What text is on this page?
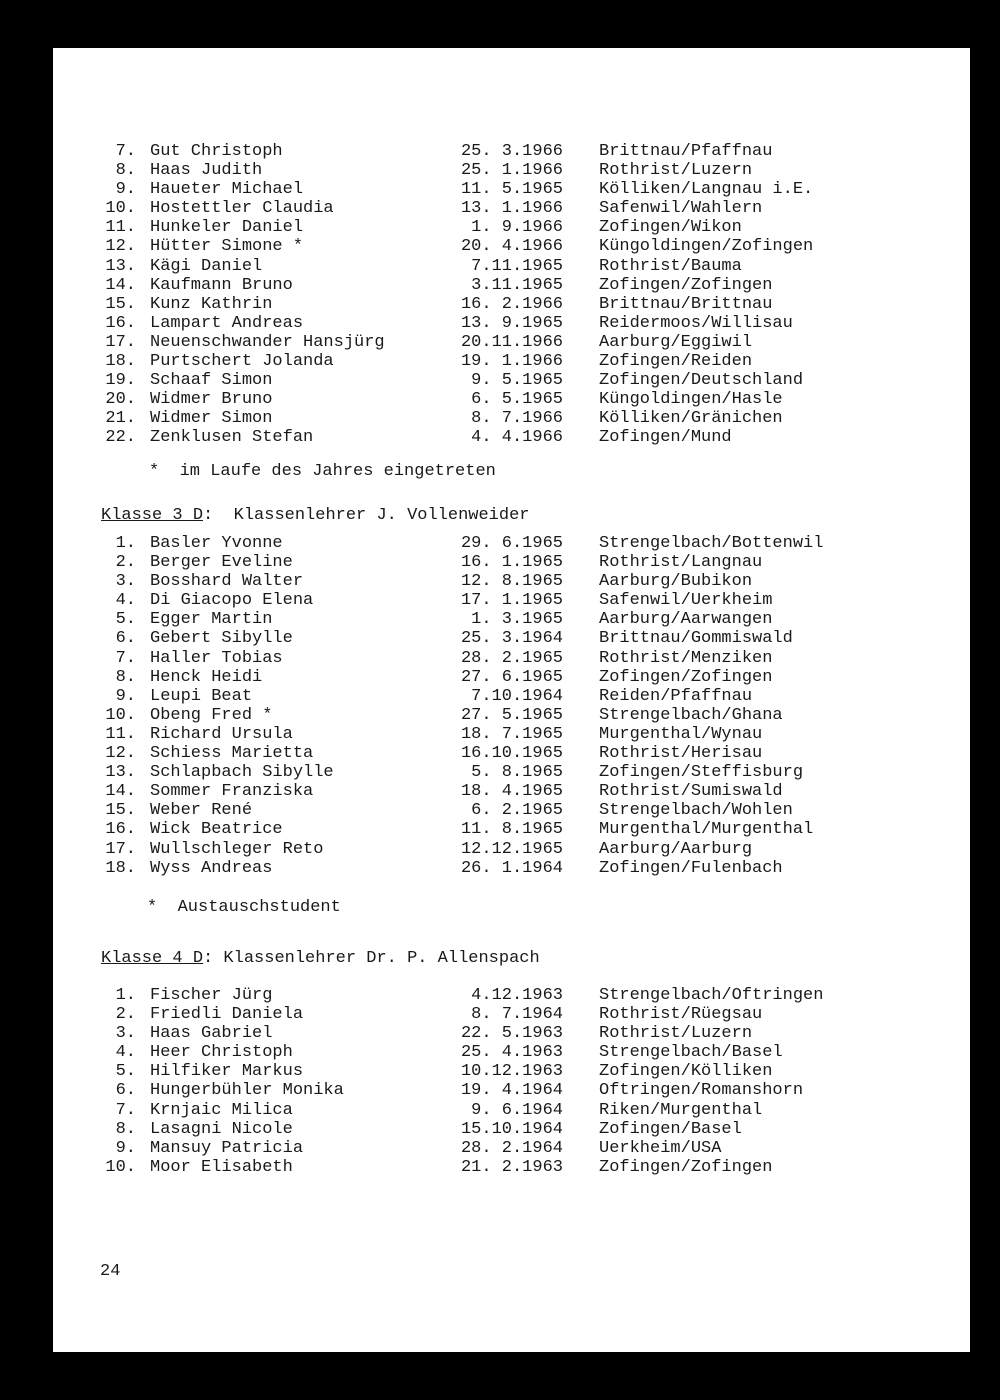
7. Gut Christoph	25. 3.1966 Brittnau/Pfaffnau
8. Haas Judith	25. 1.1966 Rothrist/Luzern
9. Haueter Michael	11. 5.1965 Kölliken/Langnau i.E.
10. Hostettler Claudia	13. 1.1966 Safenwil/Wahlern
11. Hunkeler Daniel	1. 9.1966 Zofingen/Wikon
12. Hütter Simone *	20. 4.1966 Küngoldingen/Zofingen
13. Kägi Daniel	7.11.1965 Rothrist/Bauma
14. Kaufmann Bruno	3.11.1965 Zofingen/Zofingen
15. Kunz Kathrin	16. 2.1966 Brittnau/Brittnau
16. Lampart Andreas	13. 9.1965 Reidermoos/Willisau
17. Neuenschwander Hansjürg	20.11.1966 Aarburg/Eggiwil
18. Purtschert Jolanda	19. 1.1966 Zofingen/Reiden
19. Schaaf Simon	9. 5.1965 Zofingen/Deutschland
20. Widmer Bruno	6. 5.1965 Küngoldingen/Hasle
21. Widmer Simon	8. 7.1966 Kölliken/Gränichen
22. Zenklusen Stefan	4. 4.1966 Zofingen/Mund
*  im Laufe des Jahres eingetreten
Klasse 3 D:  Klassenlehrer J. Vollenweider
1. Basler Yvonne	29. 6.1965 Strengelbach/Bottenwil
2. Berger Eveline	16. 1.1965 Rothrist/Langnau
3. Bosshard Walter	12. 8.1965 Aarburg/Bubikon
4. Di Giacopo Elena	17. 1.1965 Safenwil/Uerkheim
5. Egger Martin	1. 3.1965 Aarburg/Aarwangen
6. Gebert Sibylle	25. 3.1964 Brittnau/Gommiswald
7. Haller Tobias	28. 2.1965 Rothrist/Menziken
8. Henck Heidi	27. 6.1965 Zofingen/Zofingen
9. Leupi Beat	7.10.1964 Reiden/Pfaffnau
10. Obeng Fred *	27. 5.1965 Strengelbach/Ghana
11. Richard Ursula	18. 7.1965 Murgenthal/Wynau
12. Schiess Marietta	16.10.1965 Rothrist/Herisau
13. Schlapbach Sibylle	5. 8.1965 Zofingen/Steffisburg
14. Sommer Franziska	18. 4.1965 Rothrist/Sumiswald
15. Weber René	6. 2.1965 Strengelbach/Wohlen
16. Wick Beatrice	11. 8.1965 Murgenthal/Murgenthal
17. Wullschleger Reto	12.12.1965 Aarburg/Aarburg
18. Wyss Andreas	26. 1.1964 Zofingen/Fulenbach
*  Austauschstudent
Klasse 4 D: Klassenlehrer Dr. P. Allenspach
1. Fischer Jürg	4.12.1963 Strengelbach/Oftringen
2. Friedli Daniela	8. 7.1964 Rothrist/Rüegsau
3. Haas Gabriel	22. 5.1963 Rothrist/Luzern
4. Heer Christoph	25. 4.1963 Strengelbach/Basel
5. Hilfiker Markus	10.12.1963 Zofingen/Kölliken
6. Hungerbühler Monika	19. 4.1964 Oftringen/Romanshorn
7. Krnjaic Milica	9. 6.1964 Riken/Murgenthal
8. Lasagni Nicole	15.10.1964 Zofingen/Basel
9. Mansuy Patricia	28. 2.1964 Uerkheim/USA
10. Moor Elisabeth	21. 2.1963 Zofingen/Zofingen
24
